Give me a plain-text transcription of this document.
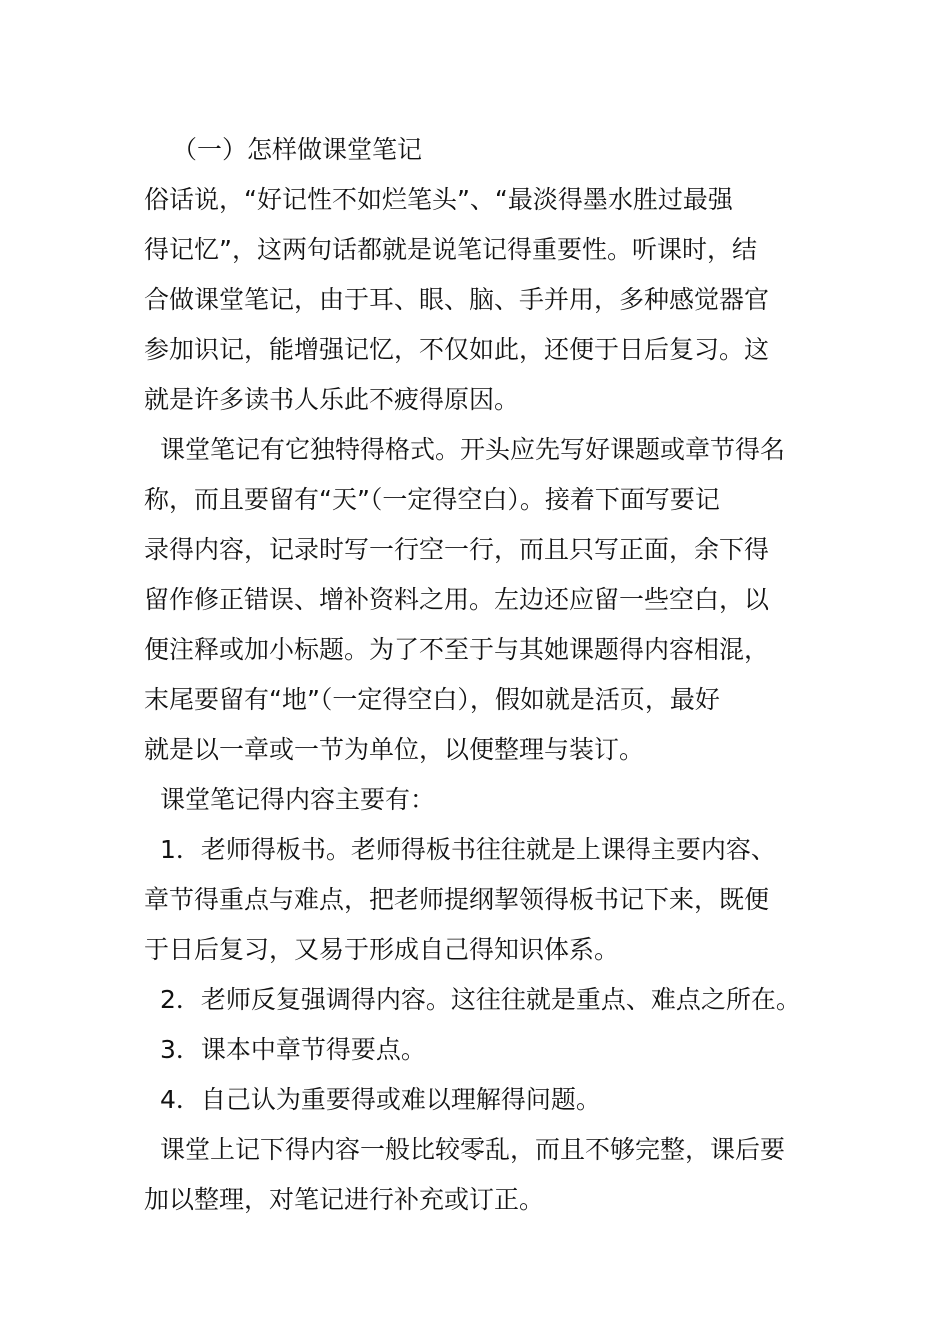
（一）怎样做课堂笔记
俗话说，“好记性不如烂笔头”、“最淡得墨水胜过最强
得记忆”，这两句话都就是说笔记得重要性。听课时，结
合做课堂笔记，由于耳、眼、脑、手并用，多种感觉器官
参加识记，能增强记忆，不仅如此，还便于日后复习。这
就是许多读书人乐此不疲得原因。
课堂笔记有它独特得格式。开头应先写好课题或章节得名
称，而且要留有“天”（一定得空白）。接着下面写要记
录得内容，记录时写一行空一行，而且只写正面，余下得
留作修正错误、增补资料之用。左边还应留一些空白，以
便注释或加小标题。为了不至于与其她课题得内容相混，
末尾要留有“地”（一定得空白），假如就是活页，最好
就是以一章或一节为单位，以便整理与装订。
课堂笔记得内容主要有：
1．老师得板书。老师得板书往往就是上课得主要内容、
章节得重点与难点，把老师提纲挈领得板书记下来，既便
于日后复习，又易于形成自己得知识体系。
2．老师反复强调得内容。这往往就是重点、难点之所在。
3．课本中章节得要点。
4．自己认为重要得或难以理解得问题。
课堂上记下得内容一般比较零乱，而且不够完整，课后要
加以整理，对笔记进行补充或订正。
